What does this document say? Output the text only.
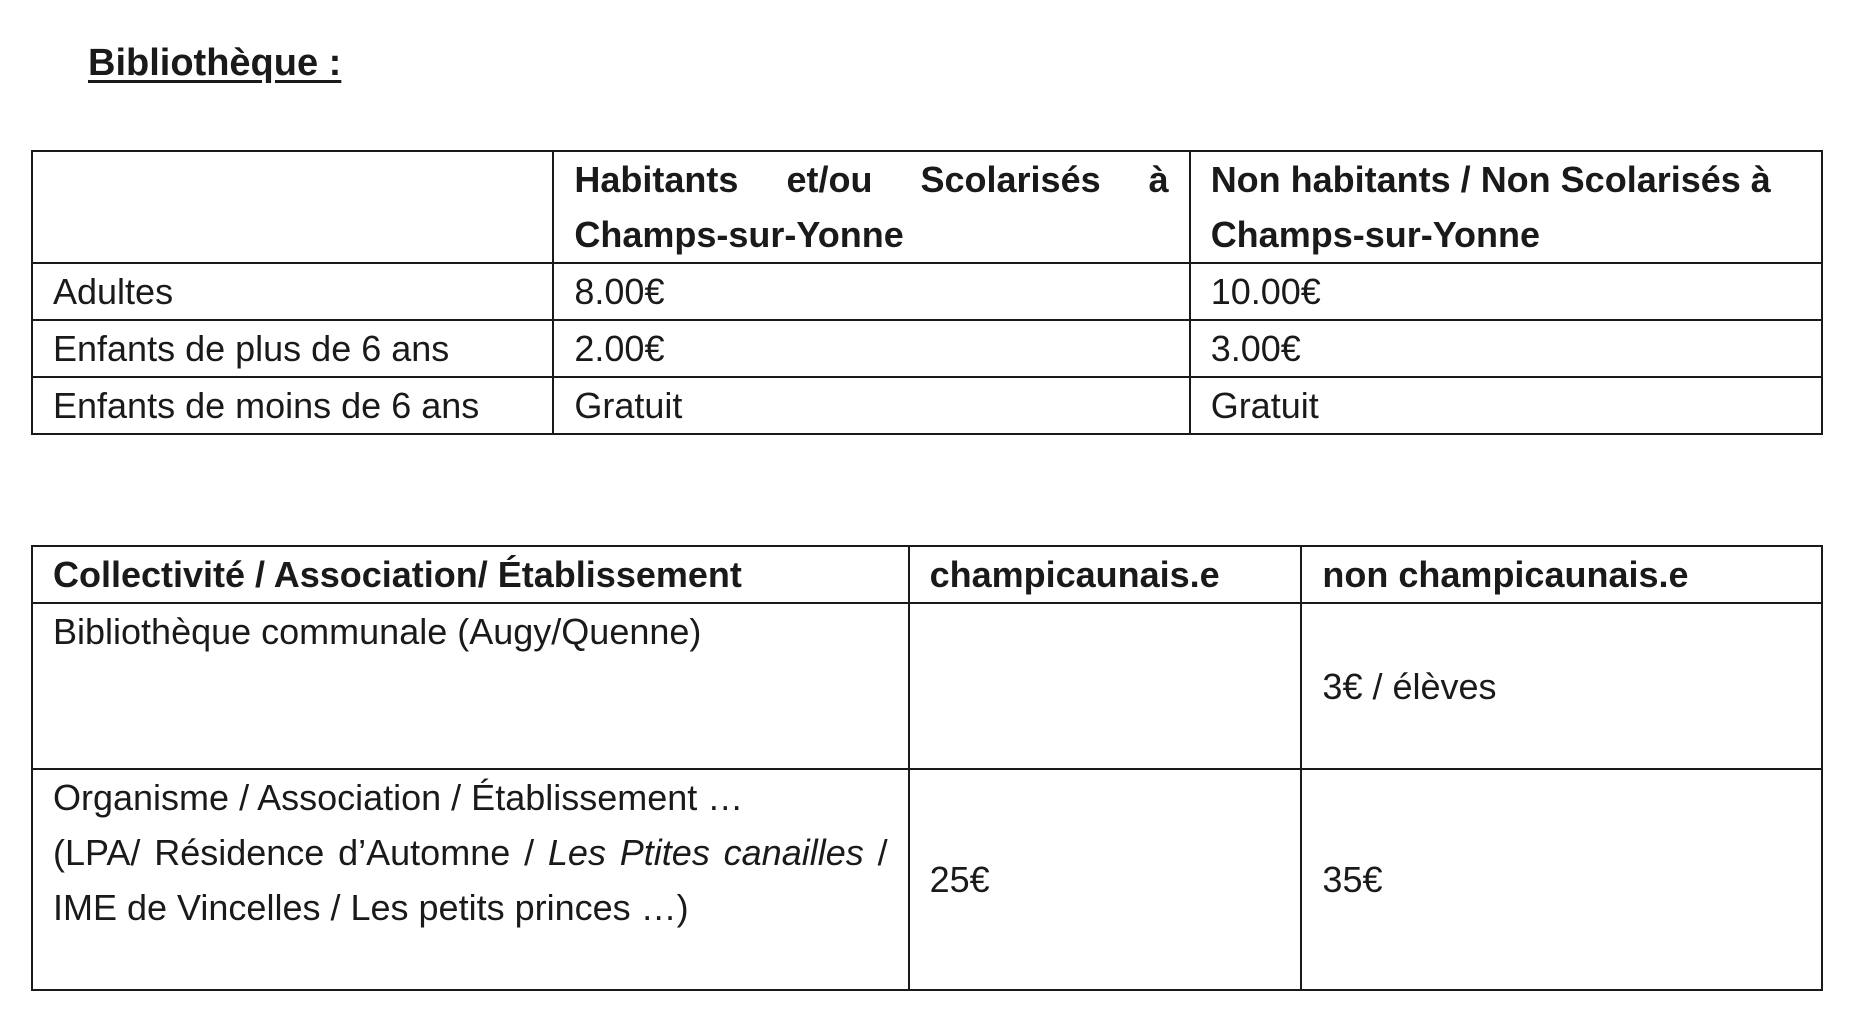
Bibliothèque :

	Habitants et/ou Scolarisés à Champs-sur-Yonne	Non habitants / Non Scolarisés à Champs-sur-Yonne
Adultes	8.00€	10.00€
Enfants de plus de 6 ans	2.00€	3.00€
Enfants de moins de 6 ans	Gratuit	Gratuit
Collectivité / Association/ Établissement	champicaunais.e	non champicaunais.e
Bibliothèque communale (Augy/Quenne)		3€ / élèves
Organisme / Association / Établissement …
(LPA/ Résidence d’Automne / Les Ptites canailles / IME de Vincelles / Les petits princes …)	25€	35€
